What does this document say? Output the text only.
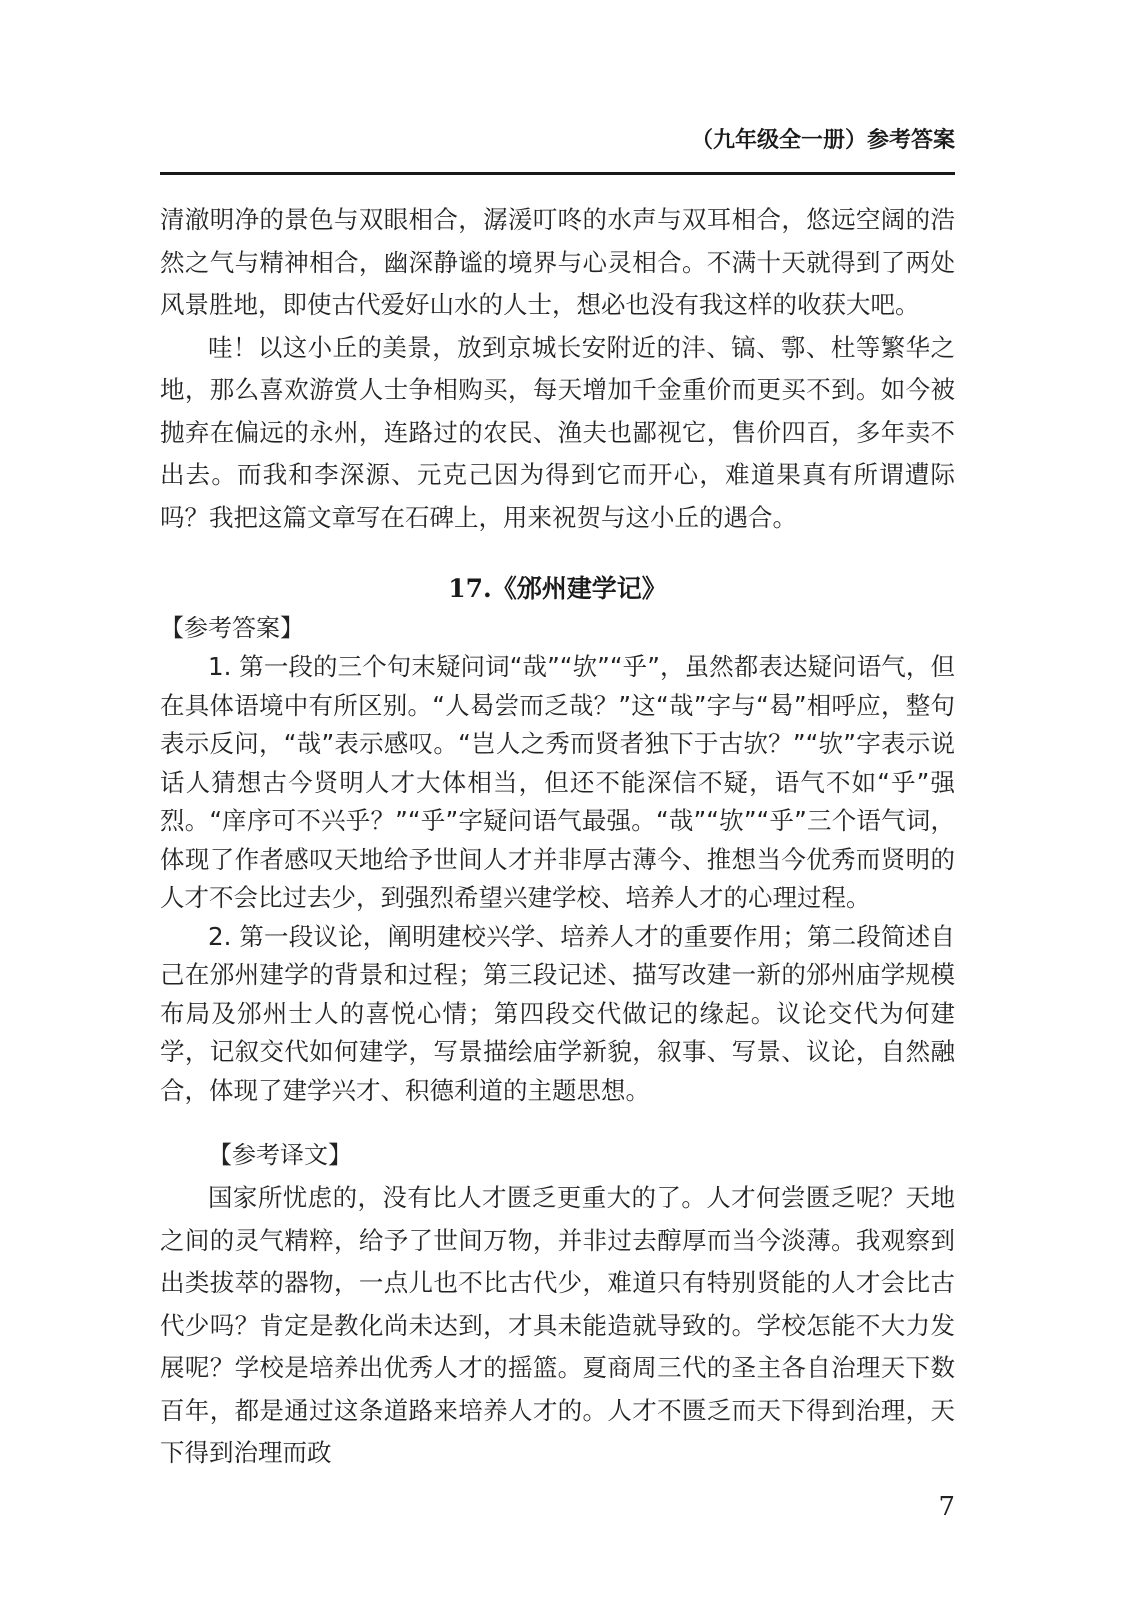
（九年级全一册）参考答案

清澈明净的景色与双眼相合，潺湲叮咚的水声与双耳相合，悠远空阔的浩然之气与精神相合，幽深静谧的境界与心灵相合。不满十天就得到了两处风景胜地，即使古代爱好山水的人士，想必也没有我这样的收获大吧。

哇！以这小丘的美景，放到京城长安附近的沣、镐、鄠、杜等繁华之地，那么喜欢游赏人士争相购买，每天增加千金重价而更买不到。如今被抛弃在偏远的永州，连路过的农民、渔夫也鄙视它，售价四百，多年卖不出去。而我和李深源、元克己因为得到它而开心，难道果真有所谓遭际吗？我把这篇文章写在石碑上，用来祝贺与这小丘的遇合。

17.《邠州建学记》
【参考答案】

1. 第一段的三个句末疑问词“哉”“欤”“乎”，虽然都表达疑问语气，但在具体语境中有所区别。“人曷尝而乏哉？”这“哉”字与“曷”相呼应，整句表示反问，“哉”表示感叹。“岂人之秀而贤者独下于古欤？”“欤”字表示说话人猜想古今贤明人才大体相当，但还不能深信不疑，语气不如“乎”强烈。“庠序可不兴乎？”“乎”字疑问语气最强。“哉”“欤”“乎”三个语气词，体现了作者感叹天地给予世间人才并非厚古薄今、推想当今优秀而贤明的人才不会比过去少，到强烈希望兴建学校、培养人才的心理过程。

2. 第一段议论，阐明建校兴学、培养人才的重要作用；第二段简述自己在邠州建学的背景和过程；第三段记述、描写改建一新的邠州庙学规模布局及邠州士人的喜悦心情；第四段交代做记的缘起。议论交代为何建学，记叙交代如何建学，写景描绘庙学新貌，叙事、写景、议论，自然融合，体现了建学兴才、积德利道的主题思想。

【参考译文】

国家所忧虑的，没有比人才匮乏更重大的了。人才何尝匮乏呢？天地之间的灵气精粹，给予了世间万物，并非过去醇厚而当今淡薄。我观察到出类拔萃的器物，一点儿也不比古代少，难道只有特别贤能的人才会比古代少吗？肯定是教化尚未达到，才具未能造就导致的。学校怎能不大力发展呢？学校是培养出优秀人才的摇篮。夏商周三代的圣主各自治理天下数百年，都是通过这条道路来培养人才的。人才不匮乏而天下得到治理，天下得到治理而政

7
